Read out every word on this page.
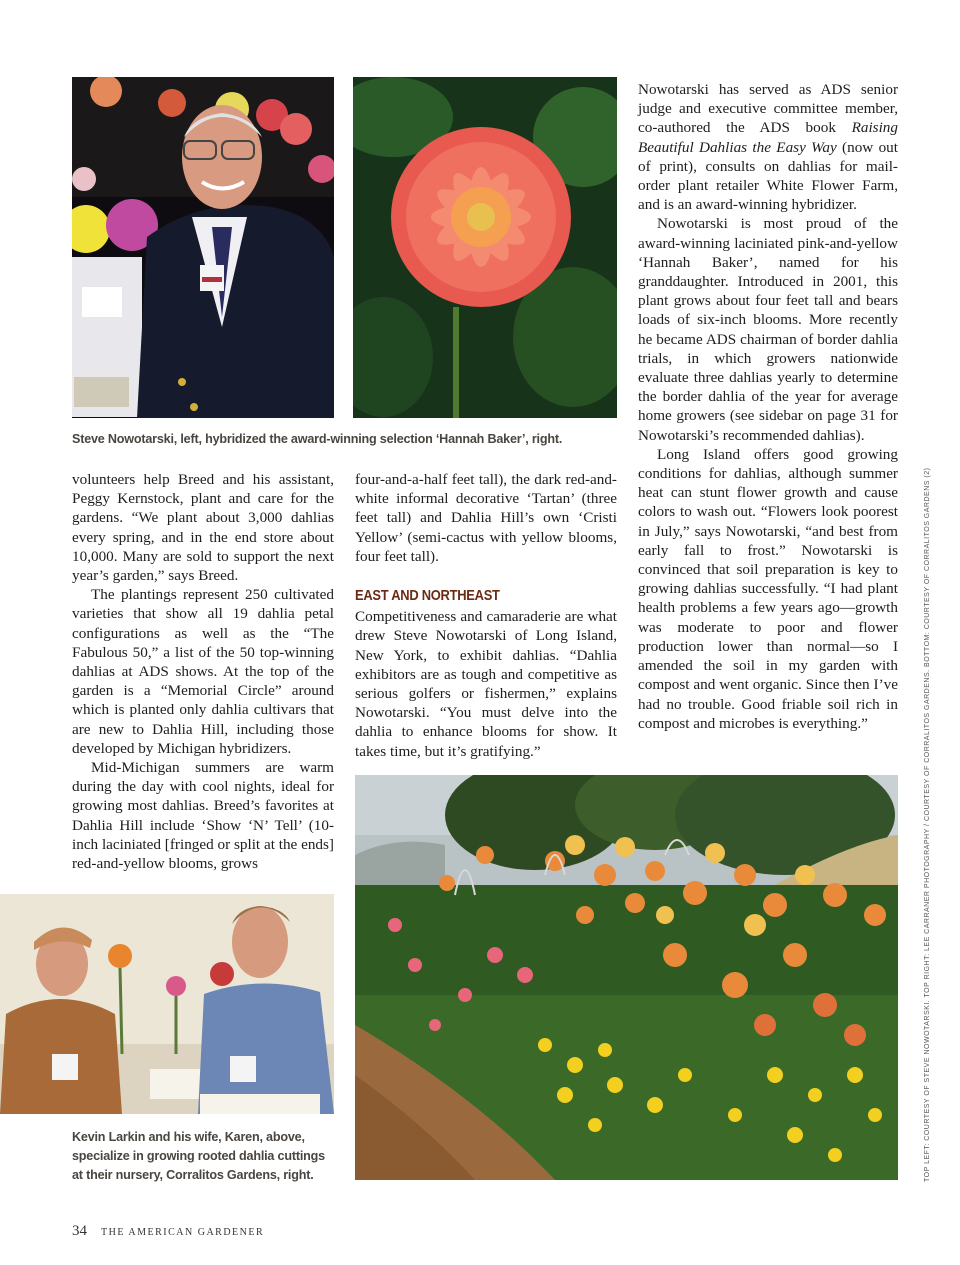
Steve Nowotarski, left, hybridized the award-winning selection ‘Hannah Baker’, right.

volunteers help Breed and his assistant, Peggy Kernstock, plant and care for the gardens. “We plant about 3,000 dahlias every spring, and in the end store about 10,000. Many are sold to support the next year’s garden,” says Breed.

The plantings represent 250 cultivated varieties that show all 19 dahlia petal configurations as well as the “The Fabulous 50,” a list of the 50 top-winning dahlias at ADS shows. At the top of the garden is a “Memorial Circle” around which is planted only dahlia cultivars that are new to Dahlia Hill, including those developed by Michigan hybridizers.

Mid-Michigan summers are warm during the day with cool nights, ideal for growing most dahlias. Breed’s favorites at Dahlia Hill include ‘Show ‘N’ Tell’ (10-inch laciniated [fringed or split at the ends] red-and-yellow blooms, grows

four-and-a-half feet tall), the dark red-and-white informal decorative ‘Tartan’ (three feet tall) and Dahlia Hill’s own ‘Cristi Yellow’ (semi-cactus with yellow blooms, four feet tall).

EAST AND NORTHEAST

Competitiveness and camaraderie are what drew Steve Nowotarski of Long Island, New York, to exhibit dahlias. “Dahlia exhibitors are as tough and competitive as serious golfers or fishermen,” explains Nowotarski. “You must delve into the dahlia to enhance blooms for show. It takes time, but it’s gratifying.”

Nowotarski has served as ADS senior judge and executive committee member, co-authored the ADS book Raising Beautiful Dahlias the Easy Way (now out of print), consults on dahlias for mail-order plant retailer White Flower Farm, and is an award-winning hybridizer.

Nowotarski is most proud of the award-winning laciniated pink-and-yellow ‘Hannah Baker’, named for his granddaughter. Introduced in 2001, this plant grows about four feet tall and bears loads of six-inch blooms. More recently he became ADS chairman of border dahlia trials, in which growers nationwide evaluate three dahlias yearly to determine the border dahlia of the year for average home growers (see sidebar on page 31 for Nowotarski’s recommended dahlias).

Long Island offers good growing conditions for dahlias, although summer heat can stunt flower growth and cause colors to wash out. “Flowers look poorest in July,” says Nowotarski, “and best from early fall to frost.” Nowotarski is convinced that soil preparation is key to growing dahlias successfully. “I had plant health problems a few years ago—growth was moderate to poor and flower production lower than normal—so I amended the soil in my garden with compost and went organic. Since then I’ve had no trouble. Good friable soil rich in compost and microbes is everything.”

Kevin Larkin and his wife, Karen, above, specialize in growing rooted dahlia cuttings at their nursery, Corralitos Gardens, right.	TOP LEFT: COURTESY OF STEVE NOWOTARSKI. TOP RIGHT: LEE CARRANER PHOTOGRAPHY / COURTESY OF CORRALITOS GARDENS. BOTTOM: COURTESY OF CORRALITOS GARDENS (2)
34 THE AMERICAN GARDENER
